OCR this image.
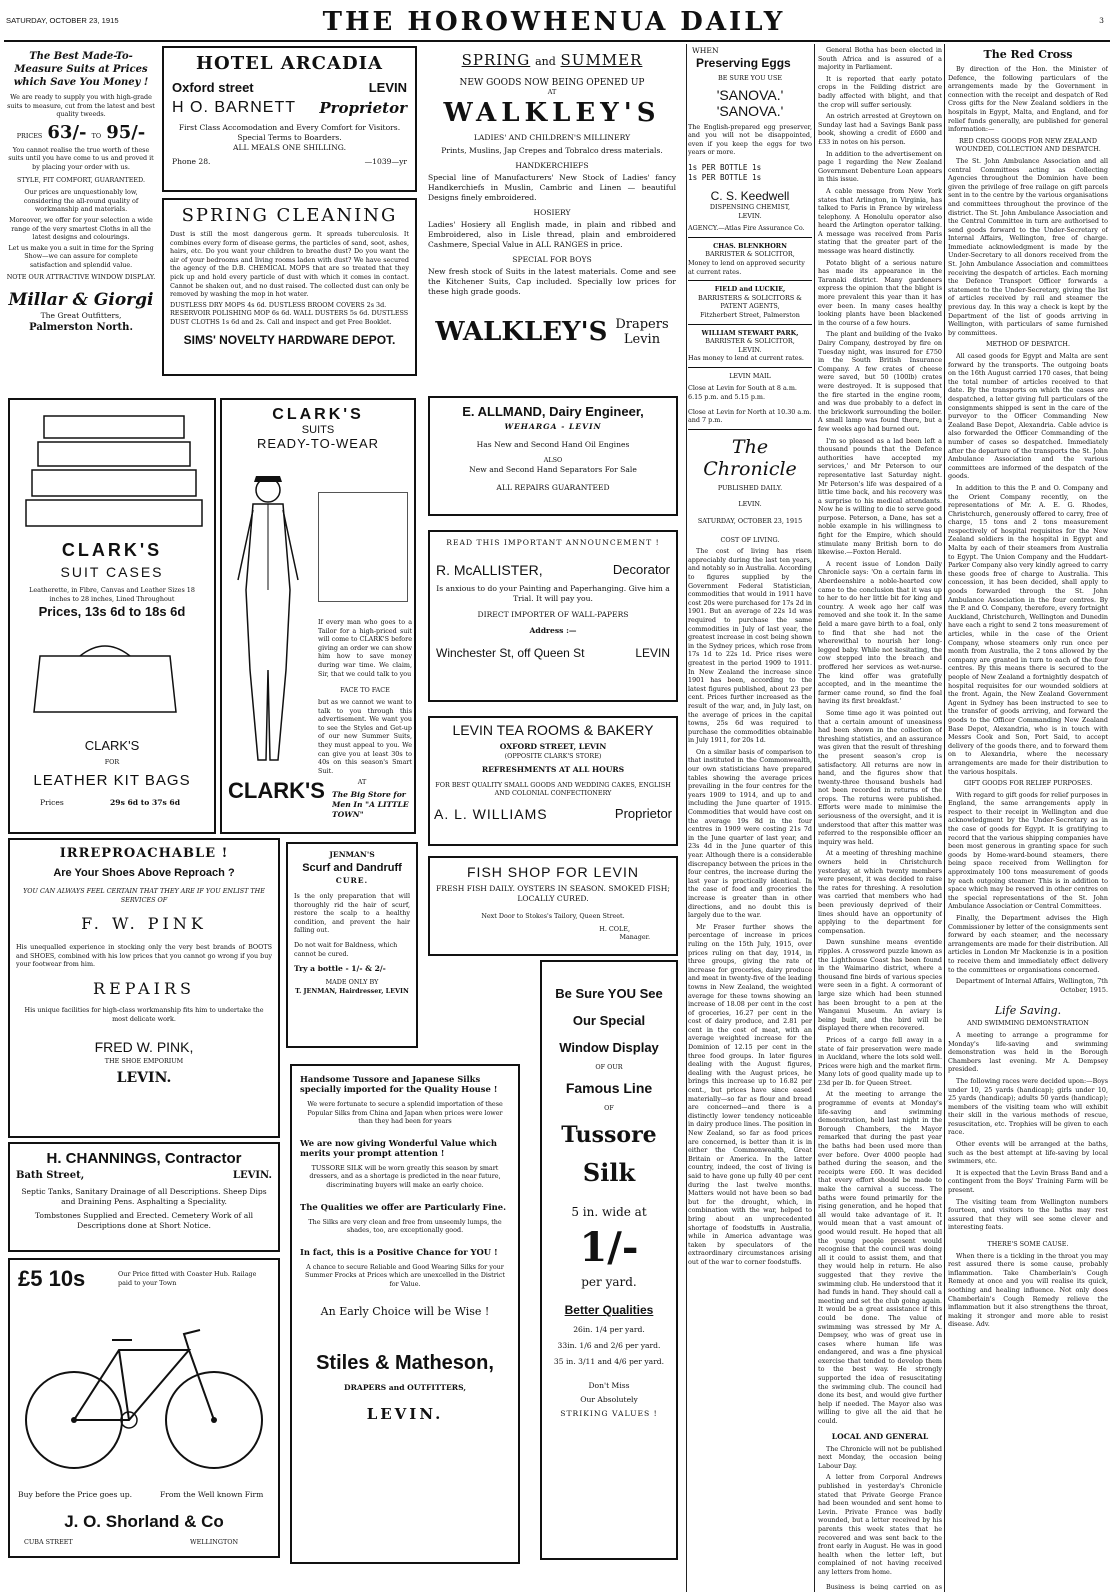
SATURDAY, OCTOBER 23, 1915	THE HOROWHENUA DAILY	3
The Best Made-To-Measure Suits at Prices which Save You Money !
We are ready to supply you with high-grade suits to measure, cut from the latest and best quality tweeds.
PRICES 63/- TO 95/-
You cannot realise the true worth of these suits until you have come to us and proved it by placing your order with us.
STYLE, FIT COMFORT, GUARANTEED.
Our prices are unquestionably low, considering the all-round quality of workmanship and materials.
Moreover, we offer for your selection a wide range of the very smartest Cloths in all the latest designs and colourings.
Let us make you a suit in time for the Spring Show—we can assure for complete satisfaction and splendid value.
NOTE OUR ATTRACTIVE WINDOW DISPLAY.
Millar & Giorgi
The Great Outfitters,
Palmerston North.
HOTEL ARCADIA
Oxford street	LEVIN
H O. BARNETT Proprietor
First Class Accomodation and Every Comfort for Visitors.
Special Terms to Boarders.
ALL MEALS ONE SHILLING.
Phone 28.	—1039—yr
SPRING CLEANING
Dust is still the most dangerous germ. It spreads tuberculosis. It combines every form of disease germs, the particles of sand, soot, ashes, hairs, etc. Do you want your children to breathe dust? Do you want the air of your bedrooms and living rooms laden with dust? We have secured the agency of the D.B. CHEMICAL MOPS that are so treated that they pick up and hold every particle of dust with which it comes in contact. Cannot be shaken out, and no dust raised. The collected dust can only be removed by washing the mop in hot water.
DUSTLESS DRY MOPS 4s 6d. DUSTLESS BROOM COVERS 2s 3d. RESERVOIR POLISHING MOP 6s 6d. WALL DUSTERS 5s 6d. DUSTLESS DUST CLOTHS 1s 6d and 2s. Call and inspect and get Free Booklet.
SIMS' NOVELTY HARDWARE DEPOT.
SPRING and SUMMER
NEW GOODS NOW BEING OPENED UP
AT
WALKLEY'S
LADIES' AND CHILDREN'S MILLINERY
Prints, Muslins, Jap Crepes and Tobralco dress materials.
HANDKERCHIEFS
Special line of Manufacturers' New Stock of Ladies' fancy Handkerchiefs in Muslin, Cambric and Linen — beautiful Designs finely embroidered.
HOSIERY
Ladies' Hosiery all English made, in plain and ribbed and Embroidered, also in Lisle thread, plain and embroidered Cashmere, Special Value in ALL RANGES in price.
SPECIAL FOR BOYS
New fresh stock of Suits in the latest materials. Come and see the Kitchener Suits, Cap included. Specially low prices for these high grade goods.
WALKLEY'S Drapers
Levin
E. ALLMAND, Dairy Engineer,
WEHARGA - LEVIN
Has New and Second Hand Oil Engines
ALSO
New and Second Hand Separators For Sale
ALL REPAIRS GUARANTEED
CLARK'S
SUITS
READY-TO-WEAR
If every man who goes to a Tailor for a high-priced suit will come to CLARK'S before giving an order we can show him how to save money during war time. We claim, Sir, that we could talk to you
FACE TO FACE
but as we cannot we want to talk to you through this advertisement. We want you to see the Styles and Get-up of our new Summer Suits, they must appeal to you. We can give you at least 30s to 40s on this season's Smart Suit.
CLARK'S	AT
The Big Store for Men In "A LITTLE TOWN"
CLARK'S
SUIT CASES
Leatherette, in Fibre, Canvas and Leather Sizes 18 inches to 28 inches, Lined Throughout
Prices, 13s 6d to 18s 6d
CLARK'S
FOR
LEATHER KIT BAGS
Prices	29s 6d to 37s 6d
IRREPROACHABLE !
Are Your Shoes Above Reproach ?
YOU CAN ALWAYS FEEL CERTAIN THAT THEY ARE IF YOU ENLIST THE SERVICES OF
F. W. PINK
His unequalled experience in stocking only the very best brands of BOOTS and SHOES, combined with his low prices that you cannot go wrong if you buy your footwear from him.
REPAIRS
His unique facilities for high-class workmanship fits him to undertake the most delicate work.
FRED W. PINK,
THE SHOE EMPORIUM
LEVIN.
JENMAN'S
Scurf and Dandruff
CURE.
Is the only preparation that will thoroughly rid the hair of scurf, restore the scalp to a healthy condition, and prevent the hair falling out.
Do not wait for Baldness, which cannot be cured.
Try a bottle - 1/- & 2/-
MADE ONLY BY
T. JENMAN, Hairdresser, LEVIN
READ THIS IMPORTANT ANNOUNCEMENT !
R. McALLISTER,	Decorator
Is anxious to do your Painting and Paperhanging. Give him a Trial. It will pay you.
DIRECT IMPORTER OF WALL-PAPERS
Address :—
Winchester St, off Queen St	LEVIN
LEVIN TEA ROOMS & BAKERY
OXFORD STREET, LEVIN
(OPPOSITE CLARK'S STORE)
REFRESHMENTS AT ALL HOURS
FOR BEST QUALITY SMALL GOODS AND WEDDING CAKES, ENGLISH AND COLONIAL CONFECTIONERY
A. L. WILLIAMS	Proprietor
FISH SHOP FOR LEVIN
FRESH FISH DAILY. OYSTERS IN SEASON. SMOKED FISH; LOCALLY CURED.
Next Door to Stokes's Tailory, Queen Street.
H. COLE,
Manager.
H. CHANNINGS, Contractor
Bath Street,	LEVIN.
Septic Tanks, Sanitary Drainage of all Descriptions. Sheep Dips and Draining Pens. Asphalting a Speciality.
Tombstones Supplied and Erected. Cemetery Work of all Descriptions done at Short Notice.
£5 10s	Our Price fitted with Coaster Hub. Railage paid to your Town
Buy before the Price goes up.	From the Well known Firm
J. O. Shorland & Co
CUBA STREET	WELLINGTON
Handsome Tussore and Japanese Silks specially imported for the Quality House !
We were fortunate to secure a splendid importation of these Popular Silks from China and Japan when prices were lower than they had been for years
We are now giving Wonderful Value which merits your prompt attention !
TUSSORE SILK will be worn greatly this season by smart dressers, and as a shortage is predicted in the near future, discriminating buyers will make an early choice.
The Qualities we offer are Particularly Fine.
The Silks are very clean and free from unseemly lumps, the shades, too, are exceptionally good.
In fact, this is a Positive Chance for YOU !
A chance to secure Reliable and Good Wearing Silks for your Summer Frocks at Prices which are unexcelled in the District for Value.
An Early Choice will be Wise !
Stiles & Matheson,
DRAPERS and OUTFITTERS,
LEVIN.
Be Sure YOU See
Our Special
Window Display
OF OUR
Famous Line
OF
Tussore
Silk
5 in. wide at
1/-
per yard.
Better Qualities
26in. 1/4 per yard.
33in. 1/6 and 2/6 per yard.
35 in. 3/11 and 4/6 per yard.
Don't Miss
Our Absolutely
STRIKING VALUES !
WHEN
Preserving Eggs
BE SURE YOU USE
'SANOVA.'
'SANOVA.'
The English-prepared egg preserver, and you will not be disappointed, even if you keep the eggs for two years or more.
1s PER BOTTLE 1s
1s PER BOTTLE 1s
C. S. Keedwell
DISPENSING CHEMIST,
LEVIN.
AGENCY.—Atlas Fire Assurance Co.
CHAS. BLENKHORN
BARRISTER & SOLICITOR,
Money to lend on approved security at current rates.
FIELD and LUCKIE,
BARRISTERS & SOLICITORS & PATENT AGENTS,
Fitzherbert Street, Palmerston
WILLIAM STEWART PARK,
BARRISTER & SOLICITOR,
LEVIN.
Has money to lend at current rates.
LEVIN MAIL
Close at Levin for South at 8 a.m. 6.15 p.m. and 5.15 p.m.
Close at Levin for North at 10.30 a.m. and 7 p.m.
The Chronicle
PUBLISHED DAILY.
LEVIN.
SATURDAY, OCTOBER 23, 1915
COST OF LIVING.
The cost of living has risen appreciably during the last ten years, and notably so in Australia. According to figures supplied by the Government Federal Statistician, commodities that would in 1911 have cost 20s were purchased for 17s 2d in 1901. But an average of 22s 1d was required to purchase the same commodities in July of last year, the greatest increase in cost being shown in the Sydney prices, which rose from 17s 1d to 22s 1d. Price rises were greatest in the period 1909 to 1911. In New Zealand the increase since 1901 has been, according to the latest figures published, about 23 per cent. Prices further increased as the result of the war, and, in July last, on the average of prices in the capital towns, 25s 6d was required to purchase the commodities obtainable in July 1911, for 20s 1d.
On a similar basis of comparison to that instituted in the Commonwealth, our own statisticians have prepared tables showing the average prices prevailing in the four centres for the years 1909 to 1914, and up to and including the June quarter of 1915. Commodities that would have cost on the average 19s 8d in the four centres in 1909 were costing 21s 7d in the June quarter of last year, and 23s 4d in the June quarter of this year. Although there is a considerable discrepancy between the prices in the four centres, the increase during the last year is practically identical. In the case of food and groceries the increase is greater than in other directions, and no doubt this is largely due to the war.
Mr Fraser further shows the percentage of increase in prices ruling on the 15th July, 1915, over prices ruling on that day, 1914, in three groups, giving the rate of increase for groceries, dairy produce and meat in twenty-five of the leading towns in New Zealand, the weighted average for these towns showing an increase of 18.08 per cent in the cost of groceries, 16.27 per cent in the cost of dairy produce, and 2.81 per cent in the cost of meat, with an average weighted increase for the Dominion of 12.15 per cent in the three food groups. In later figures dealing with the August figures, dealing with the August prices, he brings this increase up to 16.82 per cent., but prices have since eased materially—so far as flour and bread are concerned—and there is a distinctly lower tendency noticeable in dairy produce lines. The position in New Zealand, so far as food prices are concerned, is better than it is in either the Commonwealth, Great Britain or America. In the latter country, indeed, the cost of living is said to have gone up fully 40 per cent during the last twelve months. Matters would not have been so bad but for the drought, which, in combination with the war, helped to bring about an unprecedented shortage of foodstuffs in Australia, while in America advantage was taken by speculators of the extraordinary circumstances arising out of the war to corner foodstuffs.
General Botha has been elected in South Africa and is assured of a majority in Parliament.
It is reported that early potato crops in the Feilding district are badly affected with blight, and that the crop will suffer seriously.
An ostrich arrested at Greytown on Sunday last had a Savings Bank pass book, showing a credit of £600 and £33 in notes on his person.
In addition to the advertisement on page 1 regarding the New Zealand Government Debenture Loan appears in this issue.
A cable message from New York states that Arlington, in Virginia, has talked to Paris in France by wireless telephony. A Honolulu operator also heard the Arlington operator talking. A message was received from Paris stating that the greater part of the message was heard distinctly.
Potato blight of a serious nature has made its appearance in the Taranaki district. Many gardeners express the opinion that the blight is more prevalent this year than it has ever been. In many cases healthy looking plants have been blackened in the course of a few hours.
The plant and building of the Ivako Dairy Company, destroyed by fire on Tuesday night, was insured for £750 in the South British Insurance Company. A few crates of cheese were saved, but 50 (100lb) crates were destroyed. It is supposed that the fire started in the engine room, and was due probably to a defect in the brickwork surrounding the boiler. A small lamp was found there, but a few weeks ago had burned out.
I'm so pleased as a lad been left a thousand pounds that the Defence authorities have accepted my services,' and Mr Peterson to our representative last Saturday night. Mr Peterson's life was despaired of a little time back, and his recovery was a surprise to his medical attendants. Now he is willing to die to serve good purpose. Peterson, a Dane, has set a noble example in his willingness to fight for the Empire, which should stimulate many British born to do likewise.—Foxton Herald.
A recent issue of London Daily Chronicle says: 'On a certain farm in Aberdeenshire a noble-hearted cow came to the conclusion that it was up to her to do her little bit for king and country. A week ago her calf was removed and she took it. In the same field a mare gave birth to a foal, only to find that she had not the wherewithal to nourish her long-legged baby. While not hesitating, the cow stepped into the breach and proffered her services as wet-nurse. The kind offer was gratefully accepted, and in the meantime the farmer came round, so find the foal having its first breakfast.'
Some time ago it was pointed out that a certain amount of uneasiness had been shown in the collection of threshing statistics, and an assurance was given that the result of threshing the present season's crop is satisfactory. All returns are now in hand, and the figures show that twenty-three thousand bushels had not been recorded in returns of the crops. The returns were published. Efforts were made to minimise the seriousness of the oversight, and it is understood that after this matter was referred to the responsible officer an inquiry was held.
At a meeting of threshing machine owners held in Christchurch yesterday, at which twenty members were present, it was decided to raise the rates for threshing. A resolution was carried that members who had been previously deprived of their lines should have an opportunity of applying to the department for compensation.
Dawn sunshine means eventide ripples. A crossword puzzle known as the Lighthouse Coast has been found in the Waimarino district, where a thousand fine birds of various species were seen in a fight. A cormorant of large size which had been stunned has been brought to a pen at the Wanganui Museum. An aviary is being built, and the bird will be displayed there when recovered.
Prices of a cargo fell away in a state of fair preservation were made in Auckland, where the lots sold well. Prices were high and the market firm. Many lots of good quality made up to 23d per lb. for Queen Street.
At the meeting to arrange the programme of events at Monday's life-saving and swimming demonstration, held last night in the Borough Chambers, the Mayor remarked that during the past year the baths had been used more than ever before. Over 4000 people had bathed during the season, and the receipts were £60. It was decided that every effort should be made to make the carnival a success. The baths were found primarily for the rising generation, and he hoped that all would take advantage of it. It would mean that a vast amount of good would result. He hoped that all the young people present would recognise that the council was doing all it could to assist them, and that they would help in return. He also suggested that they revive the swimming club. He understood that it had funds in hand. They should call a meeting and set the club going again. It would be a great assistance if this could be done. The value of swimming was stressed by Mr A. Dempsey, who was of great use in cases where human life was endangered, and was a fine physical exercise that tended to develop them to the best way. He strongly supported the idea of resuscitating the swimming club. The council had done its best, and would give further help if needed. The Mayor also was willing to give all the aid that he could.
LOCAL AND GENERAL
The Chronicle will not be published next Monday, the occasion being Labour Day.
A letter from Corporal Andrews published in yesterday's Chronicle stated that Private George France had been wounded and sent home to Levin. Private France was badly wounded, but a letter received by his parents this week states that he recovered and was sent back to the front early in August. He was in good health when the letter left, but complained of not having received any letters from home.
Business is being carried on as
The Red Cross
By direction of the Hon. the Minister of Defence, the following particulars of the arrangements made by the Government in connection with the receipt and despatch of Red Cross gifts for the New Zealand soldiers in the hospitals in Egypt, Malta, and England, and for relief funds generally, are published for general information:—
RED CROSS GOODS FOR NEW ZEALAND WOUNDED, COLLECTION AND DESPATCH.
The St. John Ambulance Association and all central Committees acting as Collecting Agencies throughout the Dominion have been given the privilege of free railage on gift parcels sent in to the centre by the various organisations and committees throughout the province of the district. The St. John Ambulance Association and the Central Committee in turn are authorised to send goods forward to the Under-Secretary of Internal Affairs, Wellington, free of charge. Immediate acknowledgment is made by the Under-Secretary to all donors received from the St. John Ambulance Association and committees receiving the despatch of articles. Each morning the Defence Transport Officer forwards a statement to the Under-Secretary, giving the list of articles received by rail and steamer the previous day. In this way a check is kept by the Department of the list of goods arriving in Wellington, with particulars of same furnished by committees.
METHOD OF DESPATCH.
All cased goods for Egypt and Malta are sent forward by the transports. The outgoing boats on the 16th August carried 170 cases, that being the total number of articles received to that date. By the transports on which the cases are despatched, a letter giving full particulars of the consignments shipped is sent in the care of the purveyor to the Officer Commanding New Zealand Base Depot, Alexandria. Cable advice is also forwarded the Officer Commanding of the number of cases so despatched. Immediately after the departure of the transports the St. John Ambulance Association and the various committees are informed of the despatch of the goods.
In addition to this the P. and O. Company and the Orient Company recently, on the representations of Mr. A. E. G. Rhodes, Christchurch, generously offered to carry, free of charge, 15 tons and 2 tons measurement respectively of hospital requisites for the New Zealand soldiers in the hospital in Egypt and Malta by each of their steamers from Australia to Egypt. The Union Company and the Huddart-Parker Company also very kindly agreed to carry these goods free of charge to Australia. This concession, it has been decided, shall apply to goods forwarded through the St. John Ambulance Association in the four centres. By the P. and O. Company, therefore, every fortnight Auckland, Christchurch, Wellington and Dunedin have each a right to send 2 tons measurement of articles, while in the case of the Orient Company, whose steamers only run once per month from Australia, the 2 tons allowed by the company are granted in turn to each of the four centres. By this means there is secured to the people of New Zealand a fortnightly despatch of hospital requisites for our wounded soldiers at the front. Again, the New Zealand Government Agent in Sydney has been instructed to see to the transfer of goods arriving, and forward the goods to the Officer Commanding New Zealand Base Depot, Alexandria, who is in touch with Messrs Cook and Son, Port Said, to accept delivery of the goods there, and to forward them on to Alexandria, where the necessary arrangements are made for their distribution to the various hospitals.
GIFT GOODS FOR RELIEF PURPOSES.
With regard to gift goods for relief purposes in England, the same arrangements apply in respect to their receipt in Wellington and due acknowledgment by the Under-Secretary as in the case of goods for Egypt. It is gratifying to record that the various shipping companies have been most generous in granting space for such goods by Home-ward-bound steamers, there being space received from Wellington for approximately 100 tons measurement of goods by each outgoing steamer. This is in addition to space which may be reserved in other centres on the special representations of the St. John Ambulance Association or Central Committees.
Finally, the Department advises the High Commissioner by letter of the consignments sent forward by each steamer, and the necessary arrangements are made for their distribution. All articles in London Mr Mackenzie is in a position to receive them and immediately effect delivery to the committees or organisations concerned.
Department of Internal Affairs, Wellington, 7th October, 1915.
Life Saving.
AND SWIMMING DEMONSTRATION
A meeting to arrange a programme for Monday's life-saving and swimming demonstration was held in the Borough Chambers last evening. Mr A. Dempsey presided.
The following races were decided upon:—Boys under 10, 25 yards (handicap); girls under 10, 25 yards (handicap); adults 50 yards (handicap); members of the visiting team who will exhibit their skill in the various methods of rescue, resuscitation, etc. Trophies will be given to each race.
Other events will be arranged at the baths, such as the best attempt at life-saving by local swimmers, etc.
It is expected that the Levin Brass Band and a contingent from the Boys' Training Farm will be present.
The visiting team from Wellington numbers fourteen, and visitors to the baths may rest assured that they will see some clever and interesting feats.
THERE'S SOME CAUSE.
When there is a tickling in the throat you may rest assured there is some cause, probably inflammation. Take Chamberlain's Cough Remedy at once and you will realise its quick, soothing and healing influence. Not only does Chamberlain's Cough Remedy relieve the inflammation but it also strengthens the throat, making it stronger and more able to resist disease. Adv.
